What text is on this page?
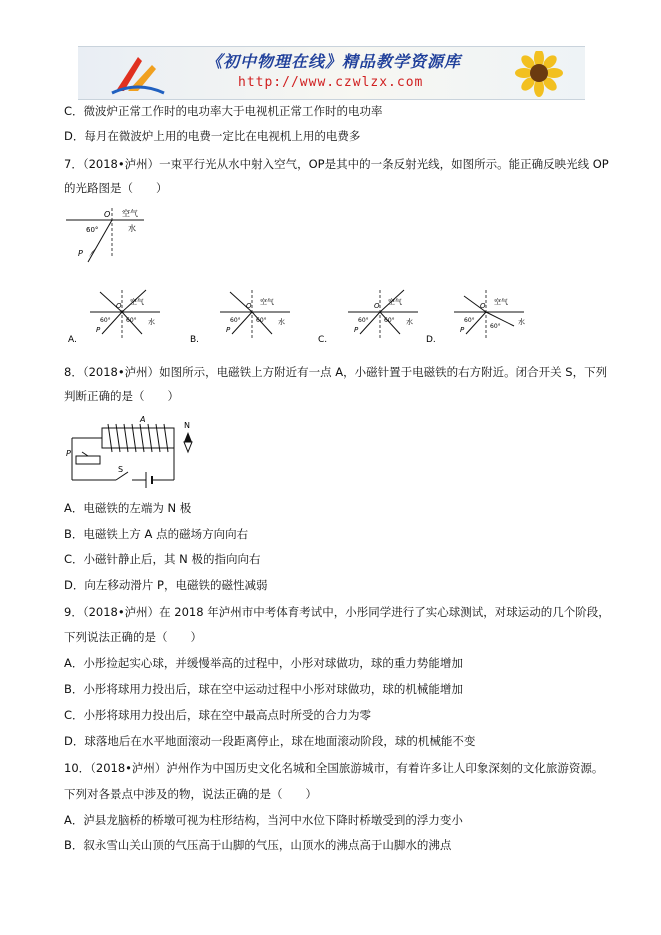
《初中物理在线》精品教学资源库
http://www.czwlzx.com
C．微波炉正常工作时的电功率大于电视机正常工作时的电功率
D．每月在微波炉上用的电费一定比在电视机上用的电费多
7．（2018•泸州）一束平行光从水中射入空气，OP是其中的一条反射光线，如图所示。能正确反映光线 OP
的光路图是（　　）
O 空气
水
60°
P
O 空气
水
60°	60°
P
A.
O 空气
水
60°	60°
P
B.
O 空气
水
60°	60°
P
C.
O 空气
水
60°
60°
P
D.
8．（2018•泸州）如图所示，电磁铁上方附近有一点 A，小磁针置于电磁铁的右方附近。闭合开关 S，下列
判断正确的是（　　）
A
N
P
S
A．电磁铁的左端为 N 极
B．电磁铁上方 A 点的磁场方向向右
C．小磁针静止后，其 N 极的指向向右
D．向左移动滑片 P，电磁铁的磁性减弱
9．（2018•泸州）在 2018 年泸州市中考体育考试中，小彤同学进行了实心球测试，对球运动的几个阶段，
下列说法正确的是（　　）
A．小彤捡起实心球，并缓慢举高的过程中，小彤对球做功，球的重力势能增加
B．小彤将球用力投出后，球在空中运动过程中小彤对球做功，球的机械能增加
C．小彤将球用力投出后，球在空中最高点时所受的合力为零
D．球落地后在水平地面滚动一段距离停止，球在地面滚动阶段，球的机械能不变
10．（2018•泸州）泸州作为中国历史文化名城和全国旅游城市，有着许多让人印象深刻的文化旅游资源。
下列对各景点中涉及的物，说法正确的是（　　）
A．泸县龙脑桥的桥墩可视为柱形结构，当河中水位下降时桥墩受到的浮力变小
B．叙永雪山关山顶的气压高于山脚的气压，山顶水的沸点高于山脚水的沸点
